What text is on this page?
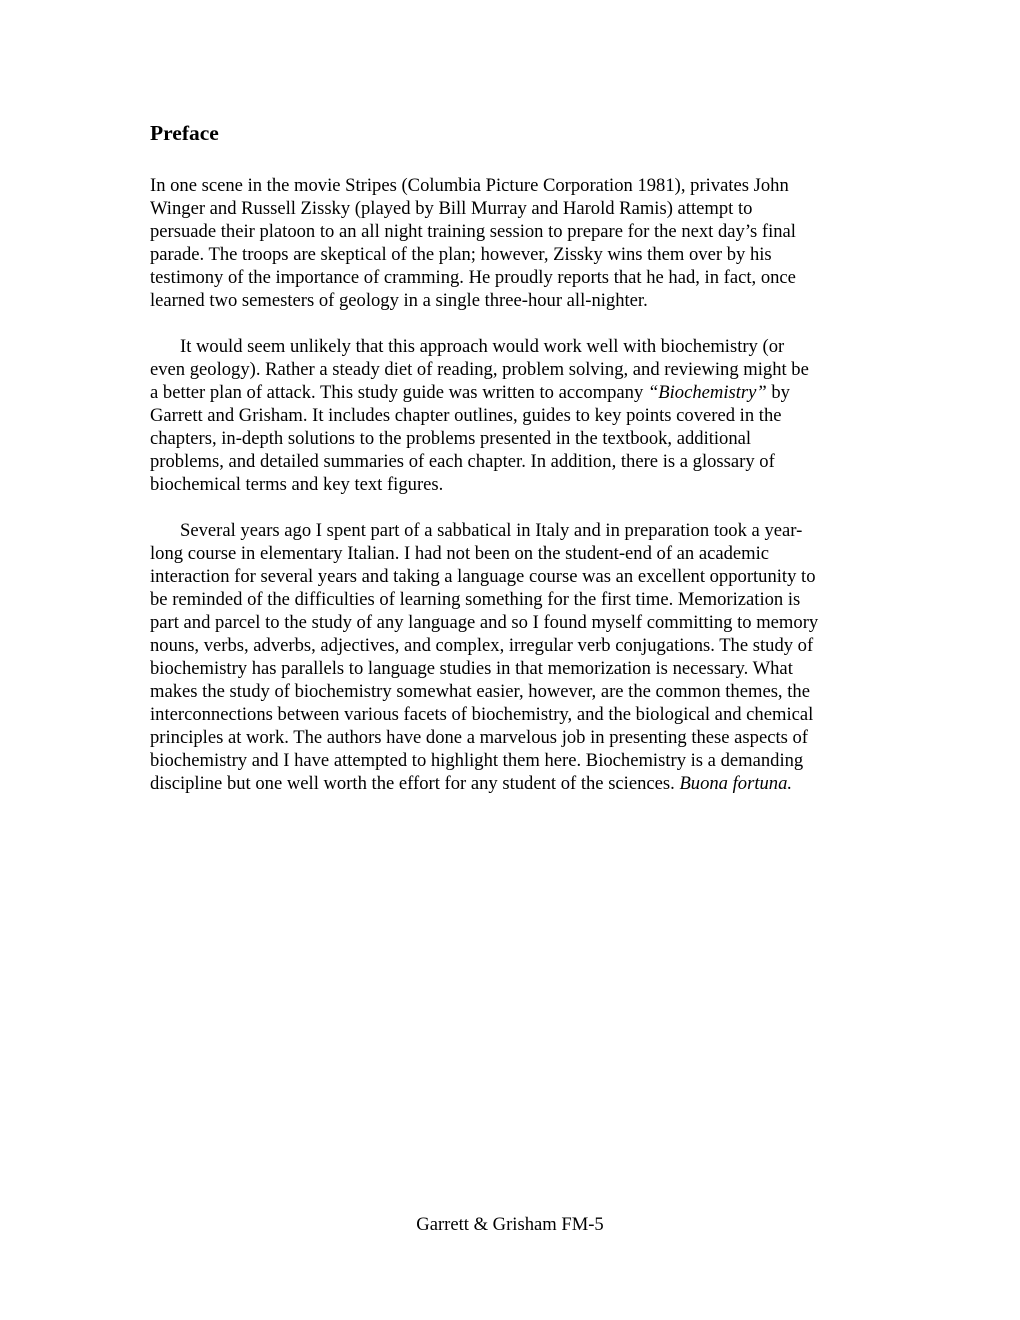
Preface
In one scene in the movie Stripes (Columbia Picture Corporation 1981), privates John
Winger and Russell Zissky (played by Bill Murray and Harold Ramis) attempt to
persuade their platoon to an all night training session to prepare for the next day’s final
parade. The troops are skeptical of the plan; however, Zissky wins them over by his
testimony of the importance of cramming. He proudly reports that he had, in fact, once
learned two semesters of geology in a single three-hour all-nighter.
It would seem unlikely that this approach would work well with biochemistry (or
even geology). Rather a steady diet of reading, problem solving, and reviewing might be
a better plan of attack. This study guide was written to accompany “Biochemistry” by
Garrett and Grisham. It includes chapter outlines, guides to key points covered in the
chapters, in-depth solutions to the problems presented in the textbook, additional
problems, and detailed summaries of each chapter. In addition, there is a glossary of
biochemical terms and key text figures.
Several years ago I spent part of a sabbatical in Italy and in preparation took a year-
long course in elementary Italian. I had not been on the student-end of an academic
interaction for several years and taking a language course was an excellent opportunity to
be reminded of the difficulties of learning something for the first time. Memorization is
part and parcel to the study of any language and so I found myself committing to memory
nouns, verbs, adverbs, adjectives, and complex, irregular verb conjugations. The study of
biochemistry has parallels to language studies in that memorization is necessary. What
makes the study of biochemistry somewhat easier, however, are the common themes, the
interconnections between various facets of biochemistry, and the biological and chemical
principles at work. The authors have done a marvelous job in presenting these aspects of
biochemistry and I have attempted to highlight them here. Biochemistry is a demanding
discipline but one well worth the effort for any student of the sciences. Buona fortuna.
Garrett & Grisham FM-5
